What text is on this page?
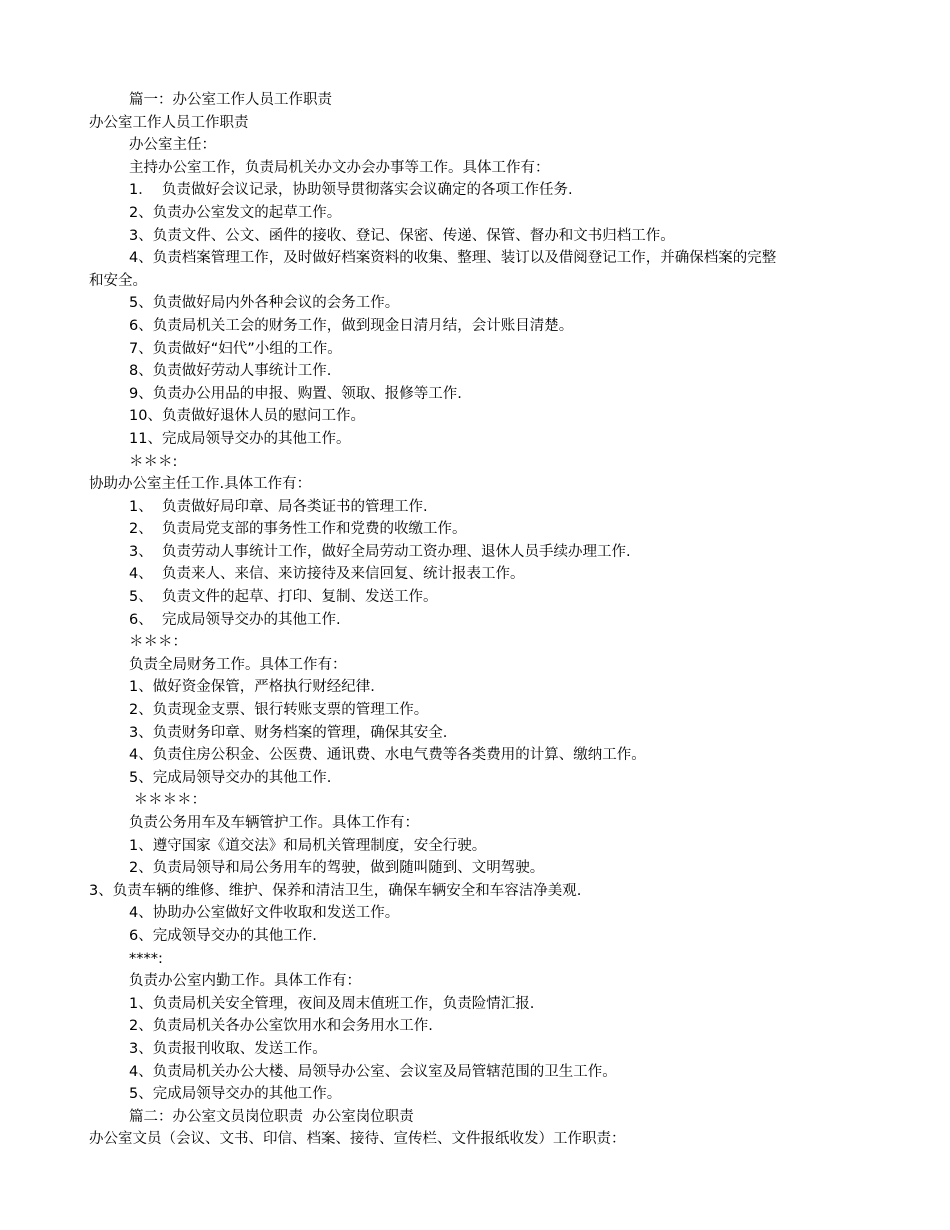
篇一：办公室工作人员工作职责

办公室工作人员工作职责

办公室主任：

主持办公室工作，负责局机关办文办会办事等工作。具体工作有：

1．  负责做好会议记录，协助领导贯彻落实会议确定的各项工作任务.

2、负责办公室发文的起草工作。

3、负责文件、公文、函件的接收、登记、保密、传递、保管、督办和文书归档工作。

4、负责档案管理工作，及时做好档案资料的收集、整理、装订以及借阅登记工作，并确保档案的完整

和安全。

5、负责做好局内外各种会议的会务工作。

6、负责局机关工会的财务工作，做到现金日清月结，会计账目清楚。

7、负责做好“妇代”小组的工作。

8、负责做好劳动人事统计工作.

9、负责办公用品的申报、购置、领取、报修等工作.

10、负责做好退休人员的慰问工作。

11、完成局领导交办的其他工作。

＊＊＊:

协助办公室主任工作.具体工作有：

1、  负责做好局印章、局各类证书的管理工作.

2、  负责局党支部的事务性工作和党费的收缴工作。

3、  负责劳动人事统计工作，做好全局劳动工资办理、退休人员手续办理工作.

4、  负责来人、来信、来访接待及来信回复、统计报表工作。

5、  负责文件的起草、打印、复制、发送工作。

6、  完成局领导交办的其他工作.

＊＊＊：

负责全局财务工作。具体工作有：

1、做好资金保管，严格执行财经纪律.

2、负责现金支票、银行转账支票的管理工作。

3、负责财务印章、财务档案的管理，确保其安全.

4、负责住房公积金、公医费、通讯费、水电气费等各类费用的计算、缴纳工作。

5、完成局领导交办的其他工作.

＊＊＊＊：

负责公务用车及车辆管护工作。具体工作有：

1、遵守国家《道交法》和局机关管理制度，安全行驶。

2、负责局领导和局公务用车的驾驶，做到随叫随到、文明驾驶。

3、负责车辆的维修、维护、保养和清洁卫生，确保车辆安全和车容洁净美观.

4、协助办公室做好文件收取和发送工作。

6、完成领导交办的其他工作.

****:

负责办公室内勤工作。具体工作有：

1、负责局机关安全管理，夜间及周末值班工作，负责险情汇报.

2、负责局机关各办公室饮用水和会务用水工作.

3、负责报刊收取、发送工作。

4、负责局机关办公大楼、局领导办公室、会议室及局管辖范围的卫生工作。

5、完成局领导交办的其他工作。

篇二：办公室文员岗位职责  办公室岗位职责

办公室文员（会议、文书、印信、档案、接待、宣传栏、文件报纸收发）工作职责：
